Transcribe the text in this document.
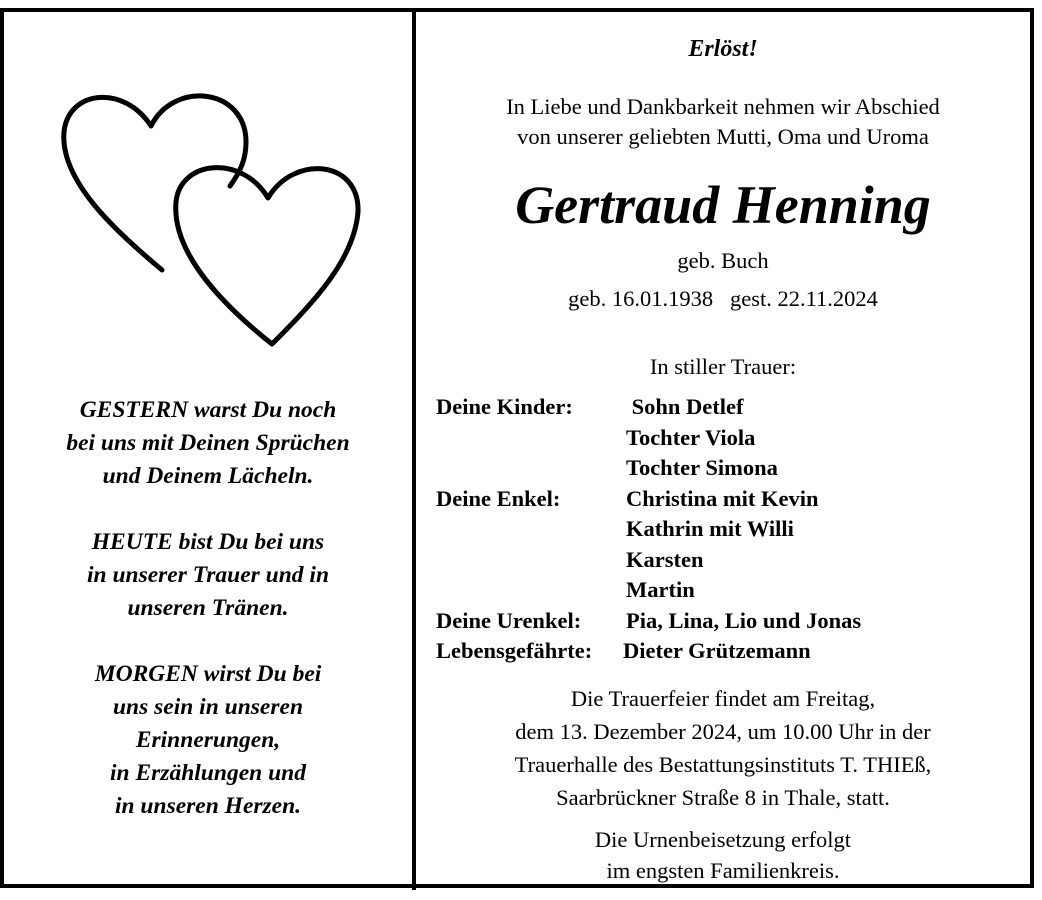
GESTERN warst Du noch
bei uns mit Deinen Sprüchen
und Deinem Lächeln.
HEUTE bist Du bei uns
in unserer Trauer und in
unseren Tränen.
MORGEN wirst Du bei
uns sein in unseren
Erinnerungen,
in Erzählungen und
in unseren Herzen.
Erlöst!
In Liebe und Dankbarkeit nehmen wir Abschied
von unserer geliebten Mutti, Oma und Uroma
Gertraud Henning
geb. Buch
geb. 16.01.1938 gest. 22.11.2024
In stiller Trauer:
Deine Kinder:	Sohn Detlef
Tochter Viola
Tochter Simona
Deine Enkel:	Christina mit Kevin
Kathrin mit Willi
Karsten
Martin
Deine Urenkel:	Pia, Lina, Lio und Jonas
Lebensgefährte:	Dieter Grützemann
Die Trauerfeier findet am Freitag,
dem 13. Dezember 2024, um 10.00 Uhr in der
Trauerhalle des Bestattungsinstituts T. THIEß,
Saarbrückner Straße 8 in Thale, statt.
Die Urnenbeisetzung erfolgt
im engsten Familienkreis.
